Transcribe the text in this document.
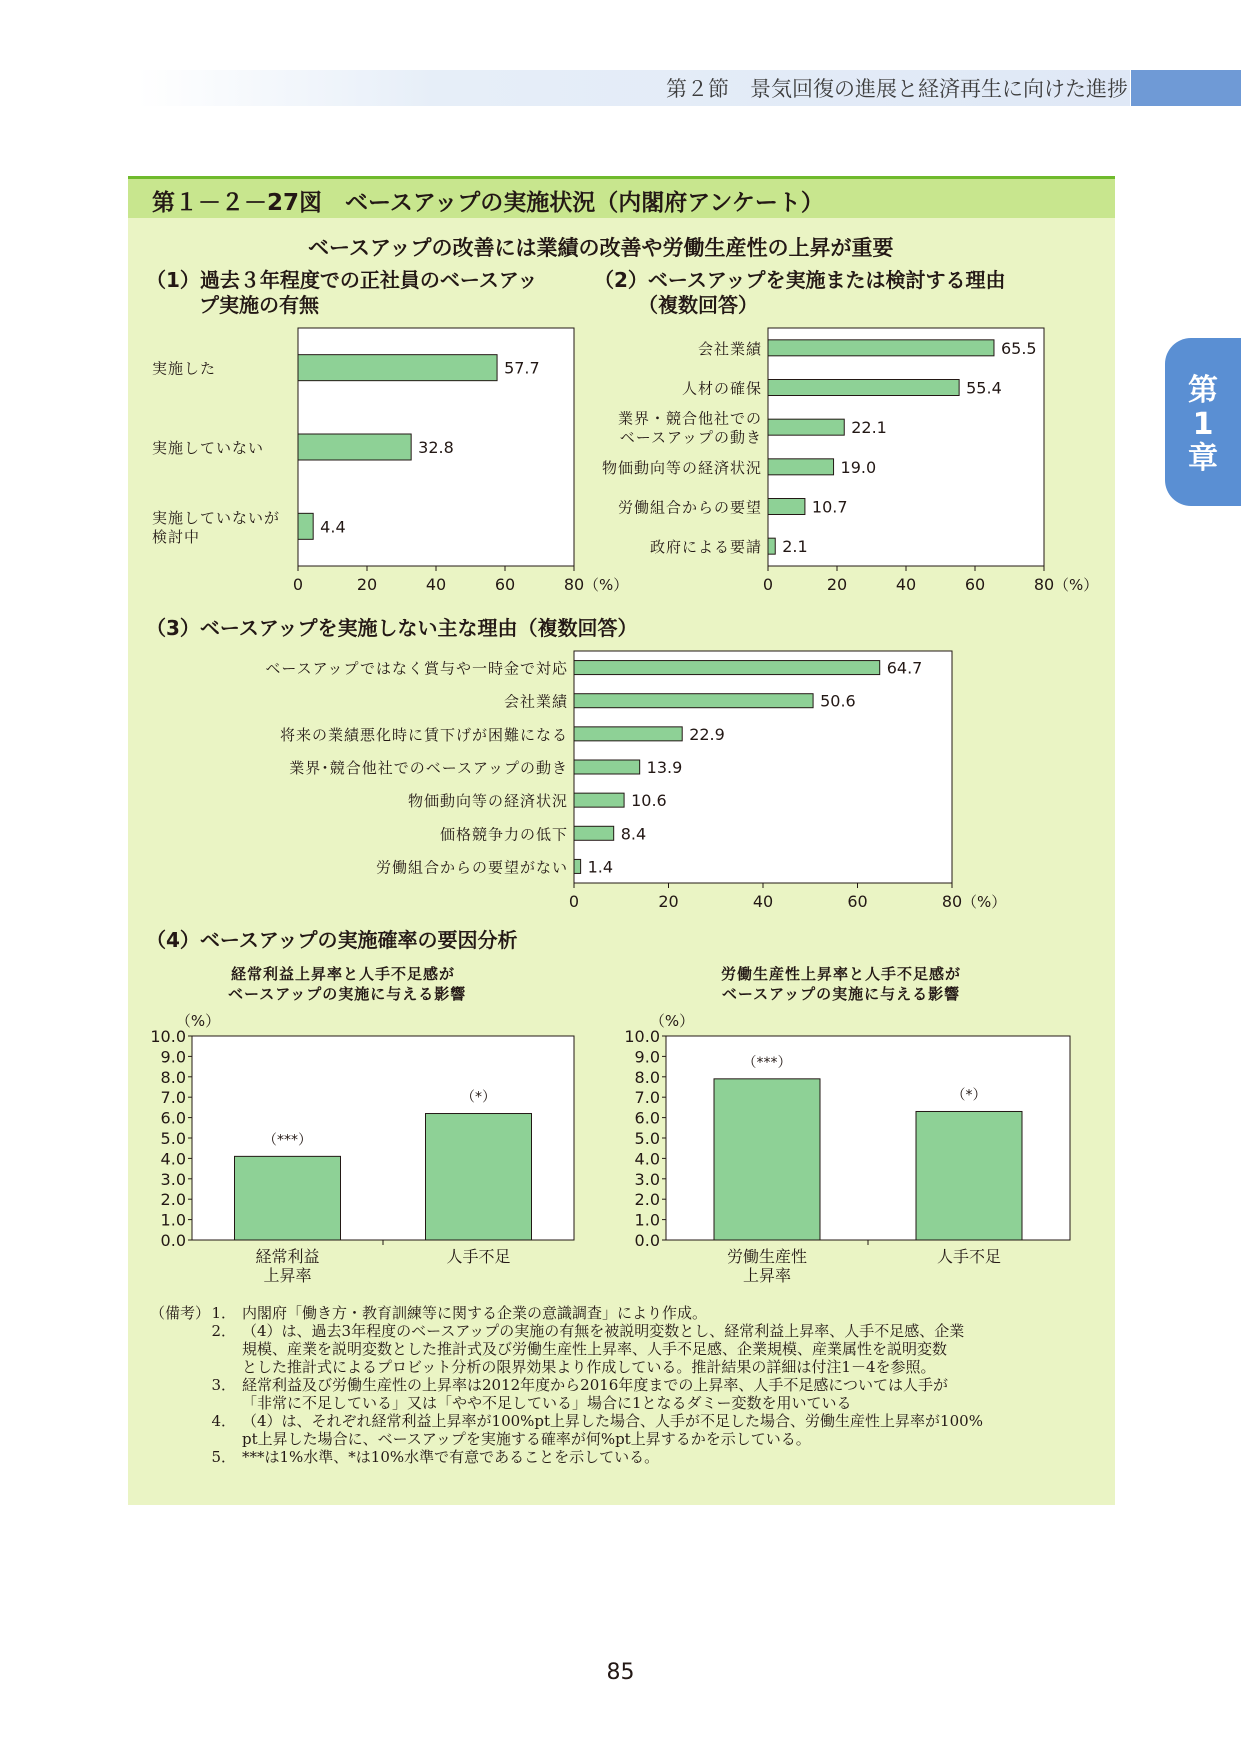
第２節　景気回復の進展と経済再生に向けた進捗
第
1
章
第１－２－27図　ベースアップの実施状況（内閣府アンケート）
ベースアップの改善には業績の改善や労働生産性の上昇が重要
（1）過去３年程度での正社員のベースアッ
プ実施の有無
（2）ベースアップを実施または検討する理由
（複数回答）
（3）ベースアップを実施しない主な理由（複数回答）
（4）ベースアップの実施確率の要因分析
経常利益上昇率と人手不足感が
ベースアップの実施に与える影響
労働生産性上昇率と人手不足感が
ベースアップの実施に与える影響
57.7
実施した
32.8
実施していない
4.4
実施していないが
検討中
0	20	40	60	80 （%）
65.5
会社業績
55.4
人材の確保
22.1
業界・競合他社での
ベースアップの動き
19.0
物価動向等の経済状況
10.7
労働組合からの要望
2.1
政府による要請
0	20	40	60	80 （%）
64.7
ベースアップではなく賞与や一時金で対応
50.6
会社業績
22.9
将来の業績悪化時に賃下げが困難になる
13.9
業界･競合他社でのベースアップの動き
10.6
物価動向等の経済状況
8.4
価格競争力の低下
1.4
労働組合からの要望がない
0	20	40	60	80 （%）
0.0
1.0
2.0
3.0
4.0
5.0
6.0
7.0
8.0
9.0
10.0
（%）
（***）
経常利益
上昇率
（*）
人手不足
0.0
1.0
2.0
3.0
4.0
5.0
6.0
7.0
8.0
9.0
10.0
（%）
（***）
労働生産性
上昇率
（*）
人手不足
（備考） 1． 内閣府「働き方・教育訓練等に関する企業の意識調査」により作成。
2． （4）は、過去3年程度のベースアップの実施の有無を被説明変数とし、経常利益上昇率、人手不足感、企業
規模、産業を説明変数とした推計式及び労働生産性上昇率、人手不足感、企業規模、産業属性を説明変数
とした推計式によるプロビット分析の限界効果より作成している。推計結果の詳細は付注1－4を参照。
3． 経常利益及び労働生産性の上昇率は2012年度から2016年度までの上昇率、人手不足感については人手が
「非常に不足している」又は「やや不足している」場合に1となるダミー変数を用いている
4． （4）は、それぞれ経常利益上昇率が100%pt上昇した場合、人手が不足した場合、労働生産性上昇率が100%
pt上昇した場合に、ベースアップを実施する確率が何%pt上昇するかを示している。
5． ***は1%水準、*は10%水準で有意であることを示している。
85
